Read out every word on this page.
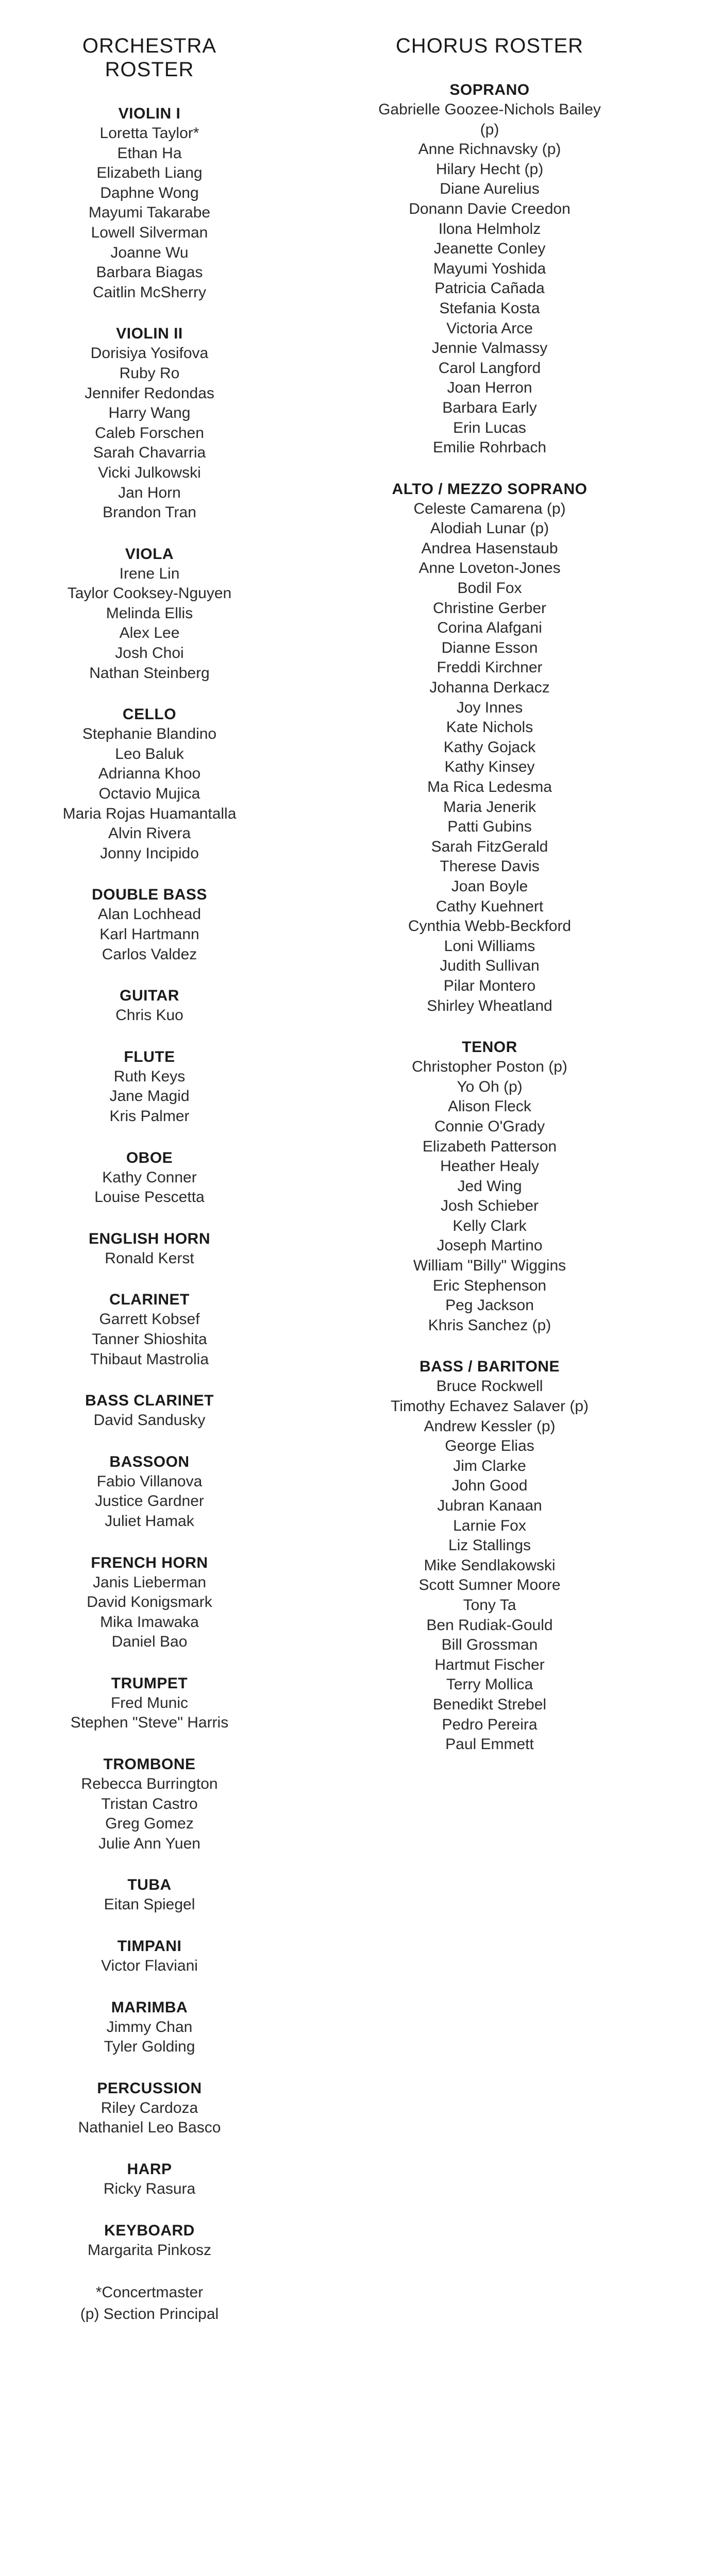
ORCHESTRA ROSTER
VIOLIN I
Loretta Taylor*
Ethan Ha
Elizabeth Liang
Daphne Wong
Mayumi Takarabe
Lowell Silverman
Joanne Wu
Barbara Biagas
Caitlin McSherry
VIOLIN II
Dorisiya Yosifova
Ruby Ro
Jennifer Redondas
Harry Wang
Caleb Forschen
Sarah Chavarria
Vicki Julkowski
Jan Horn
Brandon Tran
VIOLA
Irene Lin
Taylor Cooksey-Nguyen
Melinda Ellis
Alex Lee
Josh Choi
Nathan Steinberg
CELLO
Stephanie Blandino
Leo Baluk
Adrianna Khoo
Octavio Mujica
Maria Rojas Huamantalla
Alvin Rivera
Jonny Incipido
DOUBLE BASS
Alan Lochhead
Karl Hartmann
Carlos Valdez
GUITAR
Chris Kuo
FLUTE
Ruth Keys
Jane Magid
Kris Palmer
OBOE
Kathy Conner
Louise Pescetta
ENGLISH HORN
Ronald Kerst
CLARINET
Garrett Kobsef
Tanner Shioshita
Thibaut Mastrolia
BASS CLARINET
David Sandusky
BASSOON
Fabio Villanova
Justice Gardner
Juliet Hamak
FRENCH HORN
Janis Lieberman
David Konigsmark
Mika Imawaka
Daniel Bao
TRUMPET
Fred Munic
Stephen "Steve" Harris
TROMBONE
Rebecca Burrington
Tristan Castro
Greg Gomez
Julie Ann Yuen
TUBA
Eitan Spiegel
TIMPANI
Victor Flaviani
MARIMBA
Jimmy Chan
Tyler Golding
PERCUSSION
Riley Cardoza
Nathaniel Leo Basco
HARP
Ricky Rasura
KEYBOARD
Margarita Pinkosz
*Concertmaster
(p) Section Principal
CHORUS ROSTER
SOPRANO
Gabrielle Goozee-Nichols Bailey (p)
Anne Richnavsky (p)
Hilary Hecht (p)
Diane Aurelius
Donann Davie Creedon
Ilona Helmholz
Jeanette Conley
Mayumi Yoshida
Patricia Cañada
Stefania Kosta
Victoria Arce
Jennie Valmassy
Carol Langford
Joan Herron
Barbara Early
Erin Lucas
Emilie Rohrbach
ALTO / MEZZO SOPRANO
Celeste Camarena (p)
Alodiah Lunar (p)
Andrea Hasenstaub
Anne Loveton-Jones
Bodil Fox
Christine Gerber
Corina Alafgani
Dianne Esson
Freddi Kirchner
Johanna Derkacz
Joy Innes
Kate Nichols
Kathy Gojack
Kathy Kinsey
Ma Rica Ledesma
Maria Jenerik
Patti Gubins
Sarah FitzGerald
Therese Davis
Joan Boyle
Cathy Kuehnert
Cynthia Webb-Beckford
Loni Williams
Judith Sullivan
Pilar Montero
Shirley Wheatland
TENOR
Christopher Poston (p)
Yo Oh (p)
Alison Fleck
Connie O'Grady
Elizabeth Patterson
Heather Healy
Jed Wing
Josh Schieber
Kelly Clark
Joseph Martino
William "Billy" Wiggins
Eric Stephenson
Peg Jackson
Khris Sanchez (p)
BASS / BARITONE
Bruce Rockwell
Timothy Echavez Salaver (p)
Andrew Kessler (p)
George Elias
Jim Clarke
John Good
Jubran Kanaan
Larnie Fox
Liz Stallings
Mike Sendlakowski
Scott Sumner Moore
Tony Ta
Ben Rudiak-Gould
Bill Grossman
Hartmut Fischer
Terry Mollica
Benedikt Strebel
Pedro Pereira
Paul Emmett
